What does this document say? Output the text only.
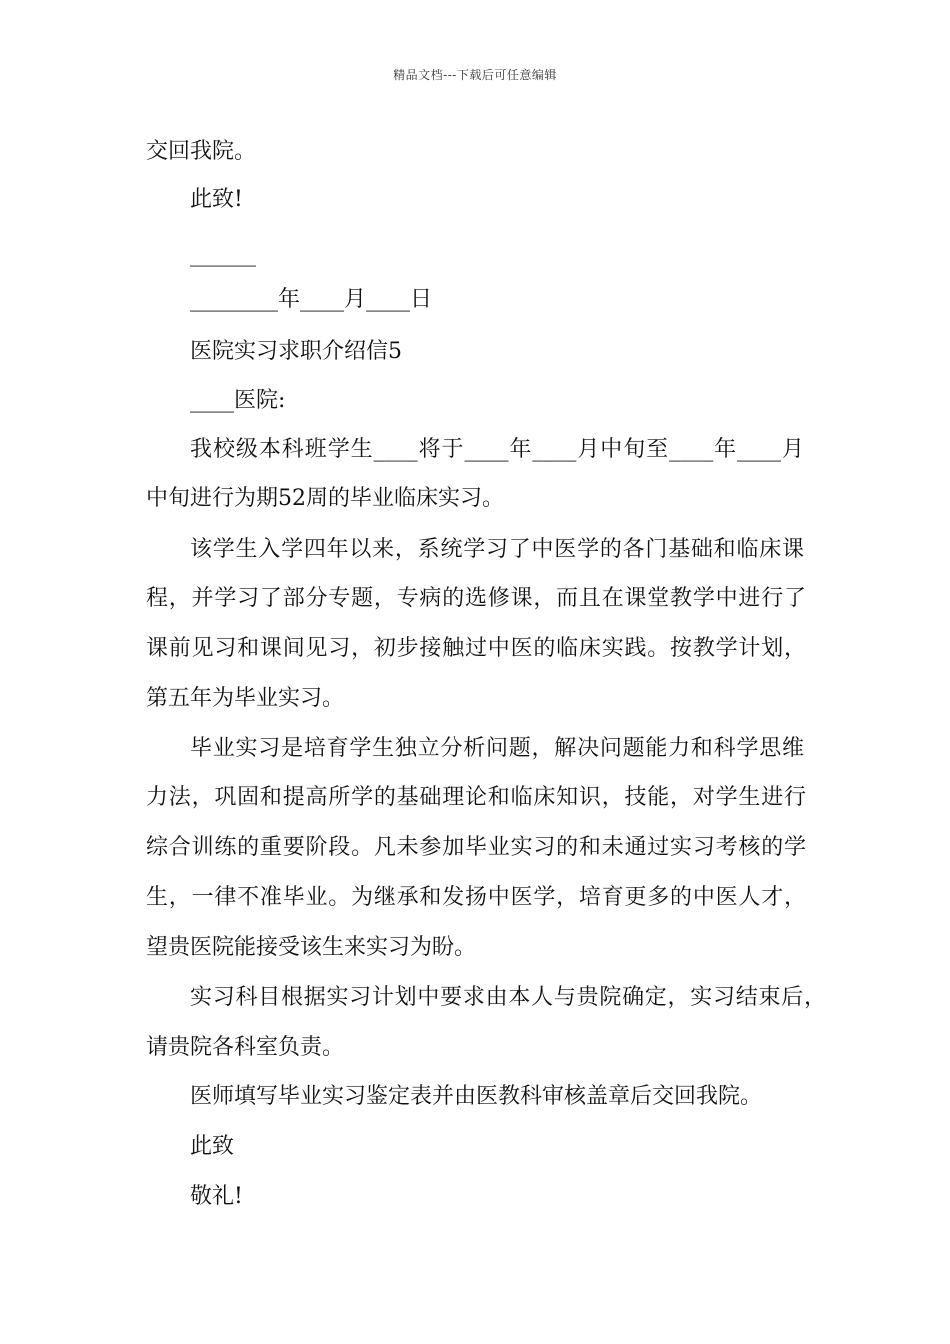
精品文档---下载后可任意编辑
交回我院。
此致!
______
________年____月____日
医院实习求职介绍信5
____医院:
我校级本科班学生____将于____年____月中旬至____年____月
中旬进行为期52周的毕业临床实习。
该学生入学四年以来，系统学习了中医学的各门基础和临床课
程，并学习了部分专题，专病的选修课，而且在课堂教学中进行了
课前见习和课间见习，初步接触过中医的临床实践。按教学计划，
第五年为毕业实习。
毕业实习是培育学生独立分析问题，解决问题能力和科学思维
力法，巩固和提高所学的基础理论和临床知识，技能，对学生进行
综合训练的重要阶段。凡未参加毕业实习的和未通过实习考核的学
生，一律不准毕业。为继承和发扬中医学，培育更多的中医人才，
望贵医院能接受该生来实习为盼。
实习科目根据实习计划中要求由本人与贵院确定，实习结束后，
请贵院各科室负责。
医师填写毕业实习鉴定表并由医教科审核盖章后交回我院。
此致
敬礼!
